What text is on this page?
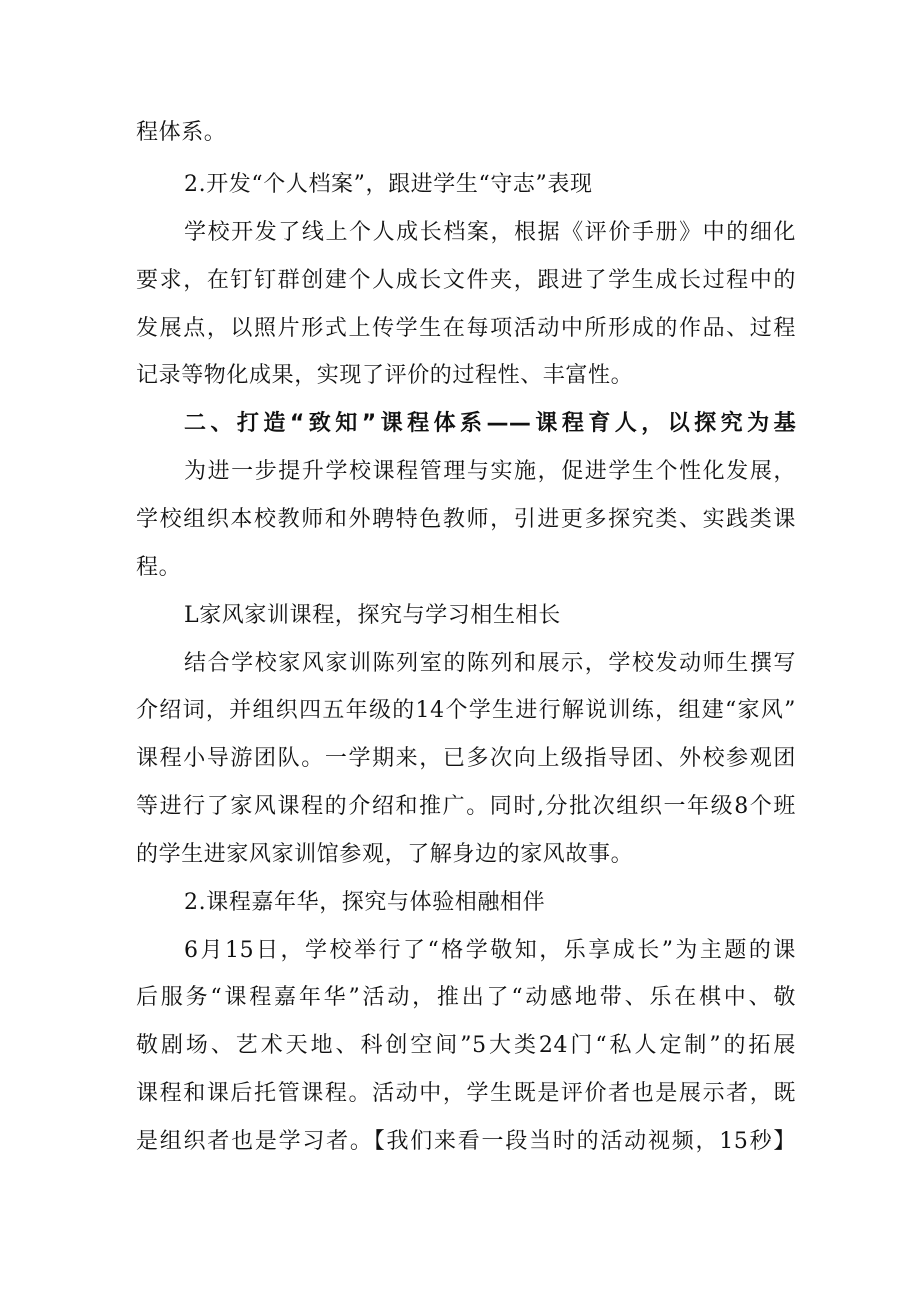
程体系。
2.开发“个人档案”，跟进学生“守志”表现
学校开发了线上个人成长档案，根据《评价手册》中的细化
要求，在钉钉群创建个人成长文件夹，跟进了学生成长过程中的
发展点，以照片形式上传学生在每项活动中所形成的作品、过程
记录等物化成果，实现了评价的过程性、丰富性。
二、打造“致知”课程体系——课程育人，以探究为基
为进一步提升学校课程管理与实施，促进学生个性化发展，
学校组织本校教师和外聘特色教师，引进更多探究类、实践类课
程。
L家风家训课程，探究与学习相生相长
结合学校家风家训陈列室的陈列和展示，学校发动师生撰写
介绍词，并组织四五年级的14个学生进行解说训练，组建“家风”
课程小导游团队。一学期来，已多次向上级指导团、外校参观团
等进行了家风课程的介绍和推广。同时,分批次组织一年级8个班
的学生进家风家训馆参观，了解身边的家风故事。
2.课程嘉年华，探究与体验相融相伴
6月15日，学校举行了“格学敬知，乐享成长”为主题的课
后服务“课程嘉年华”活动，推出了“动感地带、乐在棋中、敬
敬剧场、艺术天地、科创空间”5大类24门“私人定制”的拓展
课程和课后托管课程。活动中，学生既是评价者也是展示者，既
是组织者也是学习者。【我们来看一段当时的活动视频，15秒】
